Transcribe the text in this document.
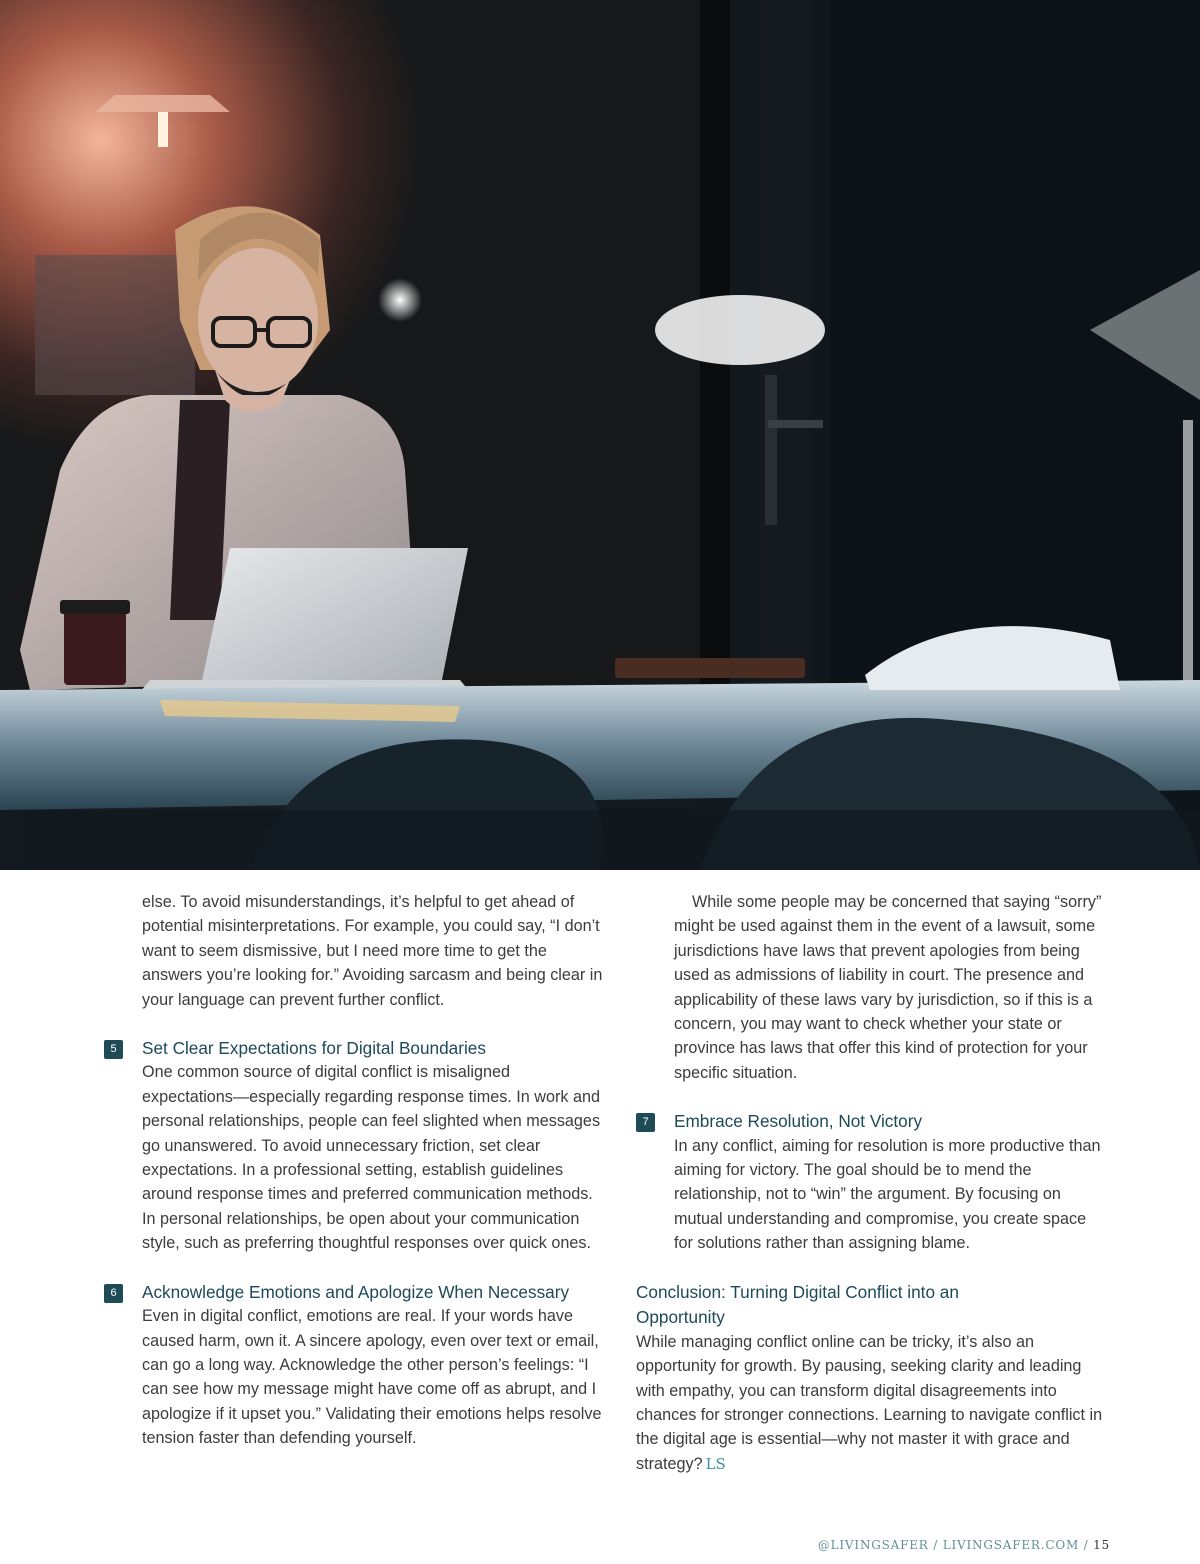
else. To avoid misunderstandings, it’s helpful to get ahead of potential misinterpretations. For example, you could say, “I don’t want to seem dismissive, but I need more time to get the answers you’re looking for.” Avoiding sarcasm and being clear in your language can prevent further conflict.

5	Set Clear Expectations for Digital Boundaries

One common source of digital conflict is misaligned expectations—especially regarding response times. In work and personal relationships, people can feel slighted when messages go unanswered. To avoid unnecessary friction, set clear expectations. In a professional setting, establish guidelines around response times and preferred communication methods. In personal relationships, be open about your communication style, such as preferring thoughtful responses over quick ones.

6	Acknowledge Emotions and Apologize When Necessary

Even in digital conflict, emotions are real. If your words have caused harm, own it. A sincere apology, even over text or email, can go a long way. Acknowledge the other person’s feelings: “I can see how my message might have come off as abrupt, and I apologize if it upset you.” Validating their emotions helps resolve tension faster than defending yourself.

While some people may be concerned that saying “sorry” might be used against them in the event of a lawsuit, some jurisdictions have laws that prevent apologies from being used as admissions of liability in court. The presence and applicability of these laws vary by jurisdiction, so if this is a concern, you may want to check whether your state or province has laws that offer this kind of protection for your specific situation.

7	Embrace Resolution, Not Victory

In any conflict, aiming for resolution is more productive than aiming for victory. The goal should be to mend the relationship, not to “win” the argument. By focusing on mutual understanding and compromise, you create space for solutions rather than assigning blame.

Conclusion: Turning Digital Conflict into an Opportunity

While managing conflict online can be tricky, it’s also an opportunity for growth. By pausing, seeking clarity and leading with empathy, you can transform digital disagreements into chances for stronger connections. Learning to navigate conflict in the digital age is essential—why not master it with grace and strategy? LS

@LIVINGSAFER / LIVINGSAFER.COM / 15
